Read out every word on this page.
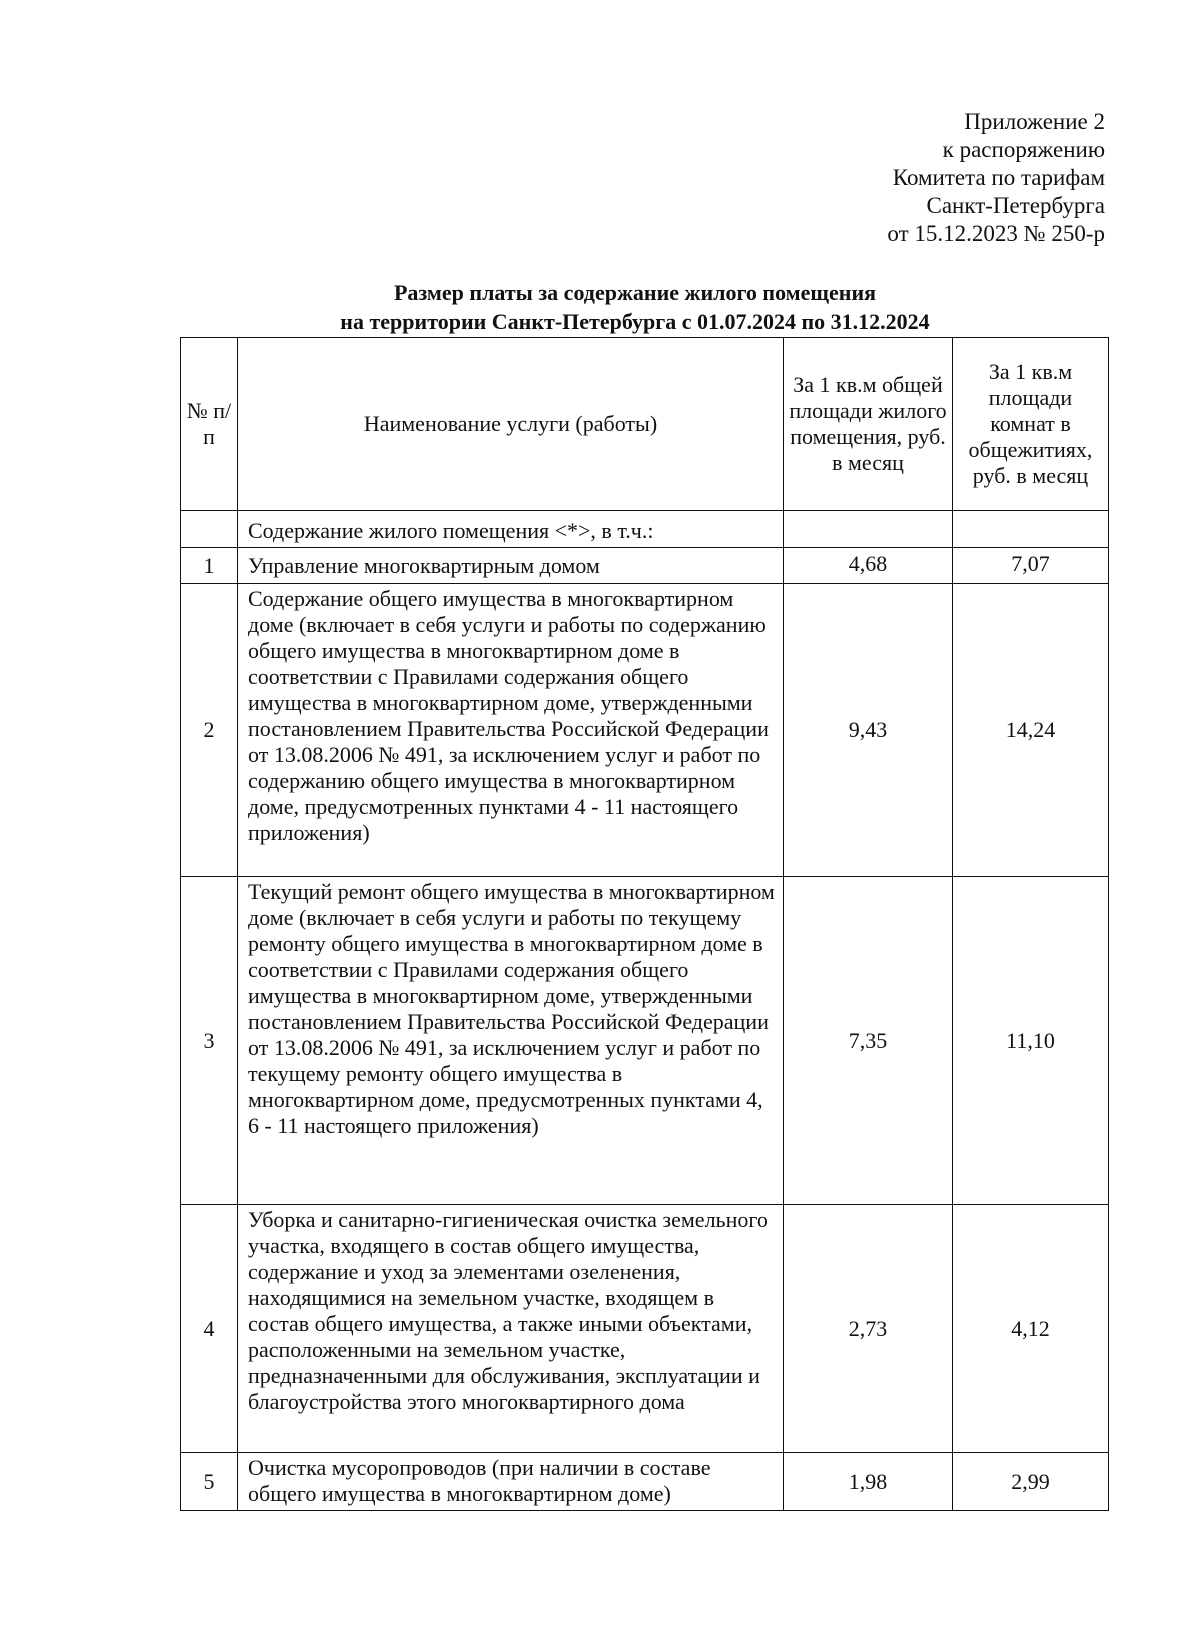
Приложение 2
к распоряжению
Комитета по тарифам
Санкт-Петербурга
от 15.12.2023 № 250-р
Размер платы за содержание жилого помещения
на территории Санкт-Петербурга с 01.07.2024 по 31.12.2024
№ п/п	Наименование услуги (работы)	За 1 кв.м общей площади жилого помещения, руб. в месяц	За 1 кв.м площади комнат в общежитиях, руб. в месяц
	Содержание жилого помещения <*>, в т.ч.:		
1	Управление многоквартирным домом	4,68	7,07
2	Содержание общего имущества в многоквартирном доме (включает в себя услуги и работы по содержанию общего имущества в многоквартирном доме в соответствии с Правилами содержания общего имущества в многоквартирном доме, утвержденными постановлением Правительства Российской Федерации от 13.08.2006 № 491, за исключением услуг и работ по содержанию общего имущества в многоквартирном доме, предусмотренных пунктами 4 - 11 настоящего приложения)	9,43	14,24
3	Текущий ремонт общего имущества в многоквартирном доме (включает в себя услуги и работы по текущему ремонту общего имущества в многоквартирном доме в соответствии с Правилами содержания общего имущества в многоквартирном доме, утвержденными постановлением Правительства Российской Федерации от 13.08.2006 № 491, за исключением услуг и работ по текущему ремонту общего имущества в многоквартирном доме, предусмотренных пунктами 4, 6 - 11 настоящего приложения)	7,35	11,10
4	Уборка и санитарно-гигиеническая очистка земельного участка, входящего в состав общего имущества, содержание и уход за элементами озеленения, находящимися на земельном участке, входящем в состав общего имущества, а также иными объектами, расположенными на земельном участке, предназначенными для обслуживания, эксплуатации и благоустройства этого многоквартирного дома	2,73	4,12
5	Очистка мусоропроводов (при наличии в составе общего имущества в многоквартирном доме)	1,98	2,99
